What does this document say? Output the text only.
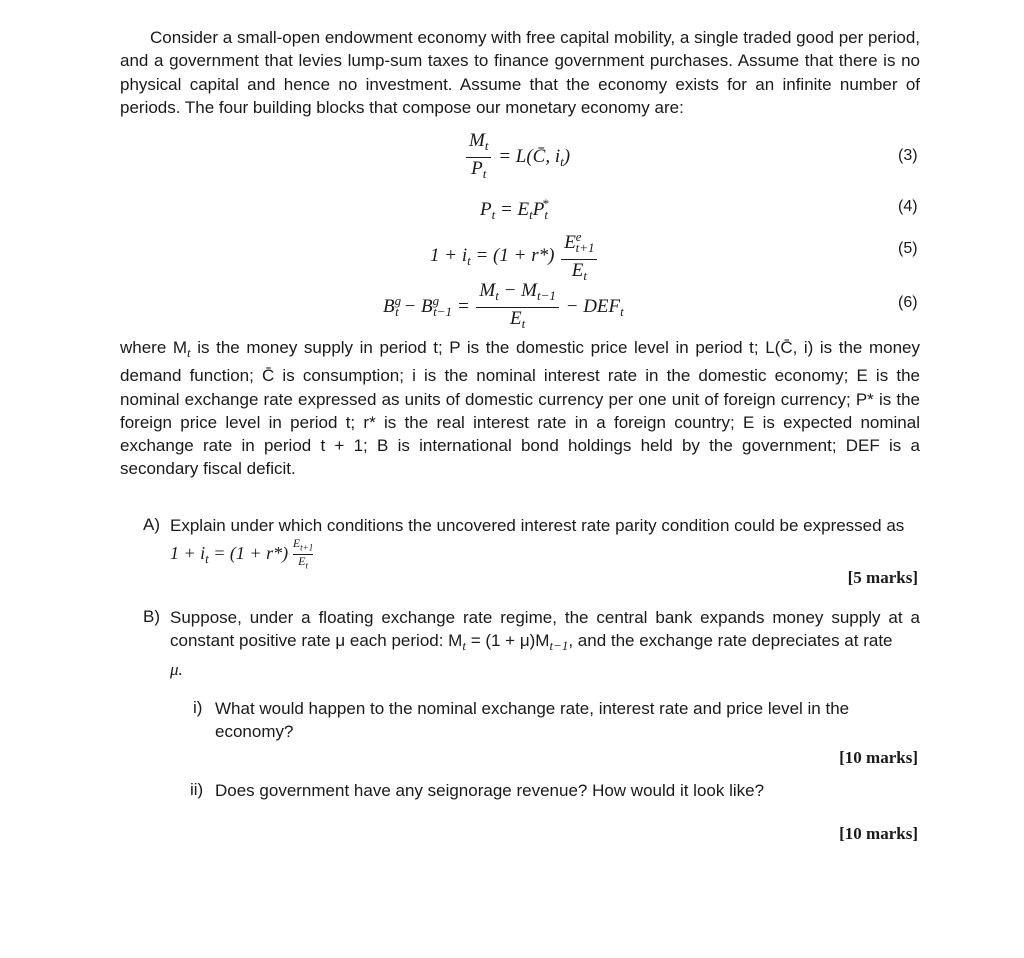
Consider a small-open endowment economy with free capital mobility, a single traded good per period, and a government that levies lump-sum taxes to finance government purchases. Assume that there is no physical capital and hence no investment. Assume that the economy exists for an infinite number of periods. The four building blocks that compose our monetary economy are:
$\frac{M_t}{P_t}$ = L(C̄, $i_t$)	(3)
$P_t = E_tP_t^*$	(4)
$1 + i_t = (1 + r*) \frac{E^e_{t+1}}{E_t}$	(5)
$B^g_t - B^g_{t-1} = \frac{M_t - M_{t-1}}{E_t} - DEF_t$
(6)
where $M_t$ is the money supply in period t; P is the domestic price level in period t; L(C̄, i) is the money demand function; C̄ is consumption; i is the nominal interest rate in the domestic economy; E is the nominal exchange rate expressed as units of domestic currency per one unit of foreign currency; P* is the foreign price level in period t; r* is the real interest rate in a foreign country; E is expected nominal exchange rate in period t + 1; B is international bond holdings held by the government; DEF is a secondary fiscal deficit.
A) Explain under which conditions the uncovered interest rate parity condition could be expressed as
$1 + i_t = (1 + r*) \frac{E_{t+1}}{E_t}$
[5 marks]
B) Suppose, under a floating exchange rate regime, the central bank expands money supply at a constant positive rate μ each period: $M_t = (1 + \mu)M_{t-1}$, and the exchange rate depreciates at rate
μ.
i) What would happen to the nominal exchange rate, interest rate and price level in the economy?
[10 marks]
ii) Does government have any seignorage revenue? How would it look like?
[10 marks]
